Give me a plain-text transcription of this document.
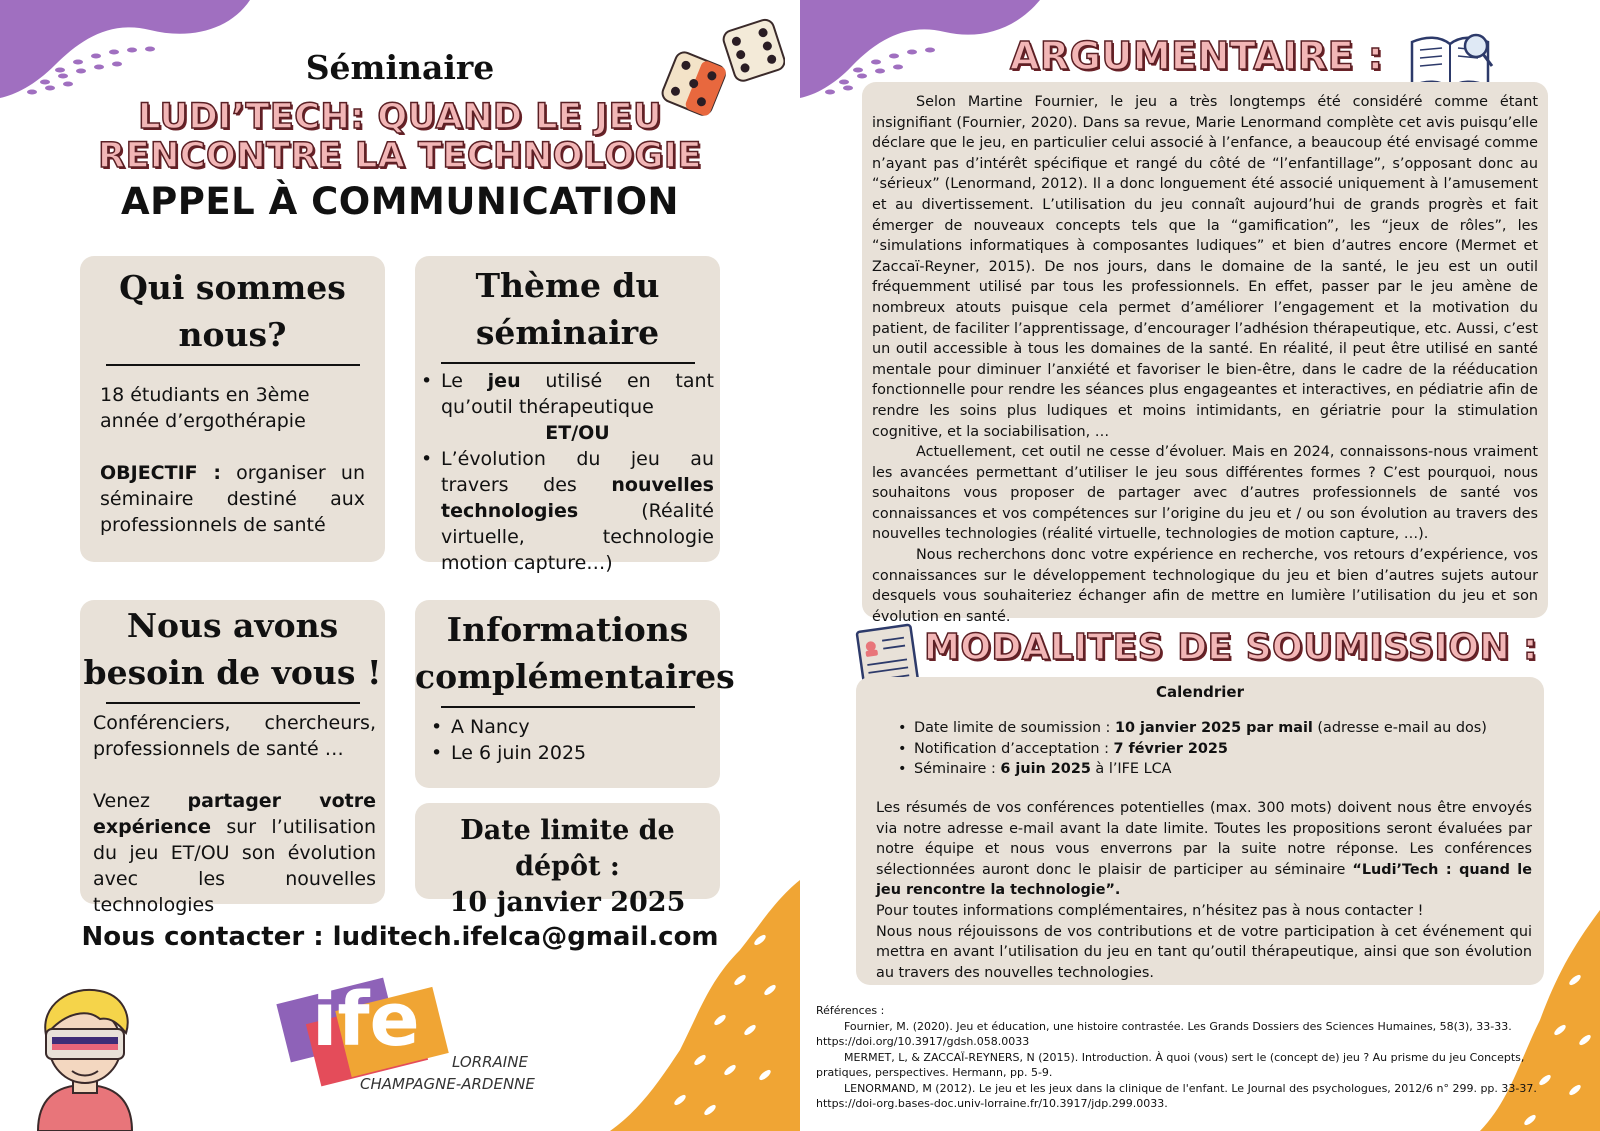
Séminaire
LUDI’TECH: QUAND LE JEU
RENCONTRE LA TECHNOLOGIE
APPEL À COMMUNICATION
Qui sommes
nous?
18 étudiants en 3ème année d’ergothérapie
OBJECTIF : organiser un séminaire destiné aux professionnels de santé
Thème du
séminaire
• Le jeu utilisé en tant qu’outil thérapeutique
ET/OU
• L’évolution du jeu au travers des nouvelles technologies (Réalité virtuelle, technologie motion capture…)
Nous avons
besoin de vous !
Conférenciers, chercheurs, professionnels de santé …
Venez partager votre expérience sur l’utilisation du jeu ET/OU son évolution avec les nouvelles technologies
Informations
complémentaires
• A Nancy
• Le 6 juin 2025
Date limite de dépôt :
10 janvier 2025
Nous contacter : luditech.ifelca@gmail.com
ife LORRAINE
CHAMPAGNE-ARDENNE
ARGUMENTAIRE :

Selon Martine Fournier, le jeu a très longtemps été considéré comme étant insignifiant (Fournier, 2020). Dans sa revue, Marie Lenormand complète cet avis puisqu’elle déclare que le jeu, en particulier celui associé à l’enfance, a beaucoup été envisagé comme n’ayant pas d’intérêt spécifique et rangé du côté de “l’enfantillage”, s’opposant donc au “sérieux” (Lenormand, 2012). Il a donc longuement été associé uniquement à l’amusement et au divertissement. L’utilisation du jeu connaît aujourd’hui de grands progrès et fait émerger de nouveaux concepts tels que la “gamification”, les “jeux de rôles”, les “simulations informatiques à composantes ludiques” et bien d’autres encore (Mermet et Zaccaï-Reyner, 2015). De nos jours, dans le domaine de la santé, le jeu est un outil fréquemment utilisé par tous les professionnels. En effet, passer par le jeu amène de nombreux atouts puisque cela permet d’améliorer l’engagement et la motivation du patient, de faciliter l’apprentissage, d’encourager l’adhésion thérapeutique, etc. Aussi, c’est un outil accessible à tous les domaines de la santé. En réalité, il peut être utilisé en santé mentale pour diminuer l’anxiété et favoriser le bien-être, dans le cadre de la rééducation fonctionnelle pour rendre les séances plus engageantes et interactives, en pédiatrie afin de rendre les soins plus ludiques et moins intimidants, en gériatrie pour la stimulation cognitive, et la sociabilisation, …

Actuellement, cet outil ne cesse d’évoluer. Mais en 2024, connaissons-nous vraiment les avancées permettant d’utiliser le jeu sous différentes formes ? C’est pourquoi, nous souhaitons vous proposer de partager avec d’autres professionnels de santé vos connaissances et vos compétences sur l’origine du jeu et / ou son évolution au travers des nouvelles technologies (réalité virtuelle, technologies de motion capture, …).

Nous recherchons donc votre expérience en recherche, vos retours d’expérience, vos connaissances sur le développement technologique du jeu et bien d’autres sujets autour desquels vous souhaiteriez échanger afin de mettre en lumière l’utilisation du jeu et son évolution en santé.

MODALITES DE SOUMISSION :
Calendrier
• Date limite de soumission : 10 janvier 2025 par mail (adresse e-mail au dos)
• Notification d’acceptation : 7 février 2025
• Séminaire : 6 juin 2025 à l’IFE LCA

Les résumés de vos conférences potentielles (max. 300 mots) doivent nous être envoyés via notre adresse e-mail avant la date limite. Toutes les propositions seront évaluées par notre équipe et nous vous enverrons par la suite notre réponse. Les conférences sélectionnées auront donc le plaisir de participer au séminaire “Ludi’Tech : quand le jeu rencontre la technologie”.

Pour toutes informations complémentaires, n’hésitez pas à nous contacter !

Nous nous réjouissons de vos contributions et de votre participation à cet événement qui mettra en avant l’utilisation du jeu en tant qu’outil thérapeutique, ainsi que son évolution au travers des nouvelles technologies.

Références :
Fournier, M. (2020). Jeu et éducation, une histoire contrastée. Les Grands Dossiers des Sciences Humaines, 58(3), 33-33.
https://doi.org/10.3917/gdsh.058.0033
MERMET, L, & ZACCAÏ-REYNERS, N (2015). Introduction. À quoi (vous) sert le (concept de) jeu ? Au prisme du jeu Concepts,
pratiques, perspectives. Hermann, pp. 5-9.
LENORMAND, M (2012). Le jeu et les jeux dans la clinique de l'enfant. Le Journal des psychologues, 2012/6 n° 299. pp. 33-37.
https://doi-org.bases-doc.univ-lorraine.fr/10.3917/jdp.299.0033.
